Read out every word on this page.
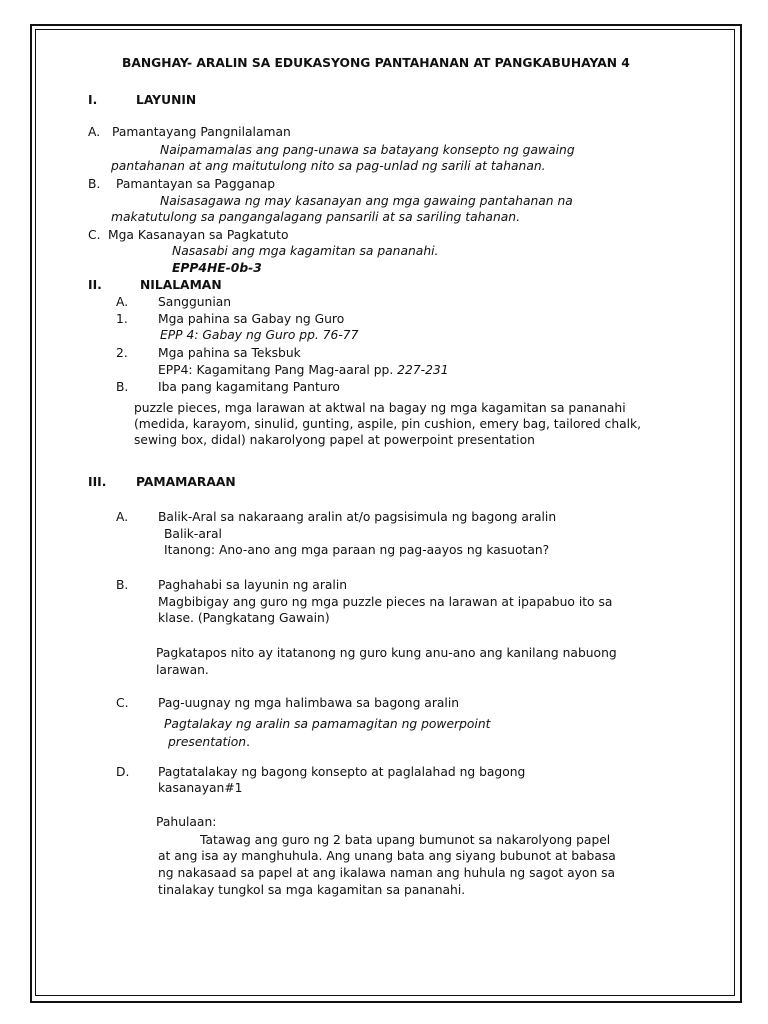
BANGHAY- ARALIN SA EDUKASYONG PANTAHANAN AT PANGKABUHAYAN 4
I.	LAYUNIN
A. Pamantayang Pangnilalaman
Naipamamalas ang pang-unawa sa batayang konsepto ng gawaing
pantahanan at ang maitutulong nito sa pag-unlad ng sarili at tahanan.
B. Pamantayan sa Pagganap
Naisasagawa ng may kasanayan ang mga gawaing pantahanan na
makatutulong sa pangangalagang pansarili at sa sariling tahanan.
C. Mga Kasanayan sa Pagkatuto
Nasasabi ang mga kagamitan sa pananahi.
EPP4HE-0b-3
II.	NILALAMAN
A. Sanggunian
1. Mga pahina sa Gabay ng Guro
EPP 4: Gabay ng Guro pp. 76-77
2. Mga pahina sa Teksbuk
EPP4: Kagamitang Pang Mag-aaral pp. 227-231
B. Iba pang kagamitang Panturo
puzzle pieces, mga larawan at aktwal na bagay ng mga kagamitan sa pananahi
(medida, karayom, sinulid, gunting, aspile, pin cushion, emery bag, tailored chalk,
sewing box, didal) nakarolyong papel at powerpoint presentation
III. PAMAMARAAN
A. Balik-Aral sa nakaraang aralin at/o pagsisimula ng bagong aralin
Balik-aral
Itanong: Ano-ano ang mga paraan ng pag-aayos ng kasuotan?
B. Paghahabi sa layunin ng aralin
Magbibigay ang guro ng mga puzzle pieces na larawan at ipapabuo ito sa
klase. (Pangkatang Gawain)
Pagkatapos nito ay itatanong ng guro kung anu-ano ang kanilang nabuong
larawan.
C. Pag-uugnay ng mga halimbawa sa bagong aralin
Pagtalakay ng aralin sa pamamagitan ng powerpoint
presentation.
D. Pagtatalakay ng bagong konsepto at paglalahad ng bagong
kasanayan#1
Pahulaan:
Tatawag ang guro ng 2 bata upang bumunot sa nakarolyong papel
at ang isa ay manghuhula. Ang unang bata ang siyang bubunot at babasa
ng nakasaad sa papel at ang ikalawa naman ang huhula ng sagot ayon sa
tinalakay tungkol sa mga kagamitan sa pananahi.
